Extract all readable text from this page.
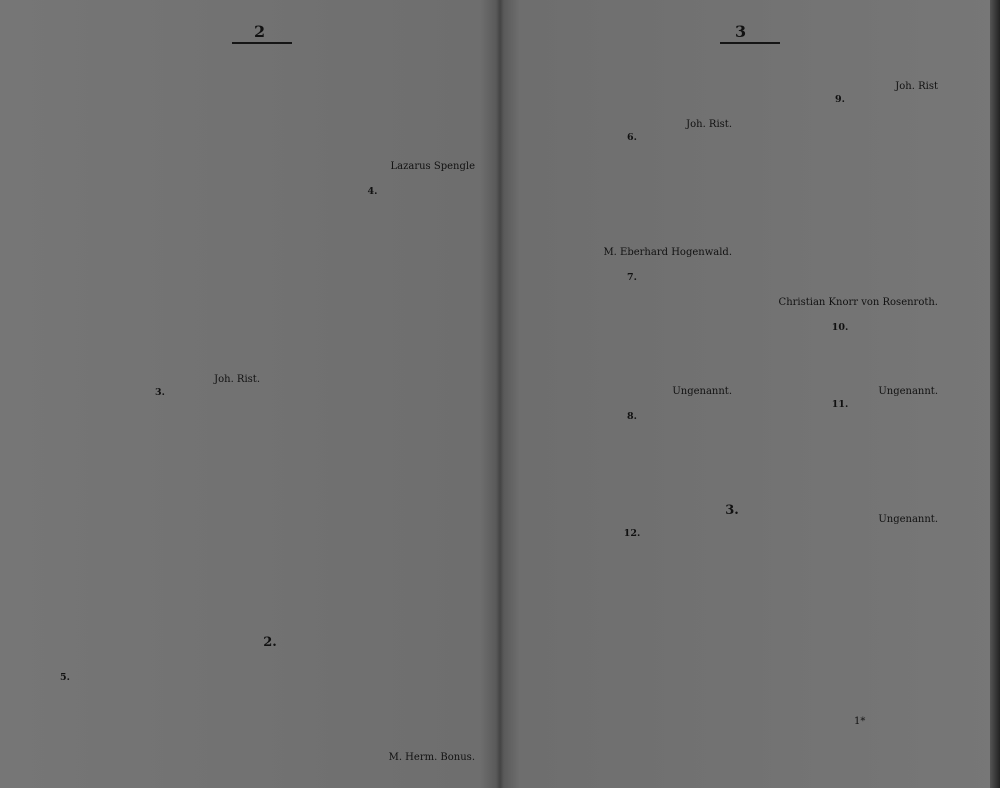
2
Joh. Rist.
3.
Lazarus Spengle
4.
M. Herm. Bonus.
2.
5.
3
Joh. Rist.
6.
M. Eberhard Hogenwald.
7.
Ungenannt.
8.
Joh. Rist
9.
Christian Knorr von Rosenroth.
10.
Ungenannt.
11.
Ungenannt.
3.
12.
1*
